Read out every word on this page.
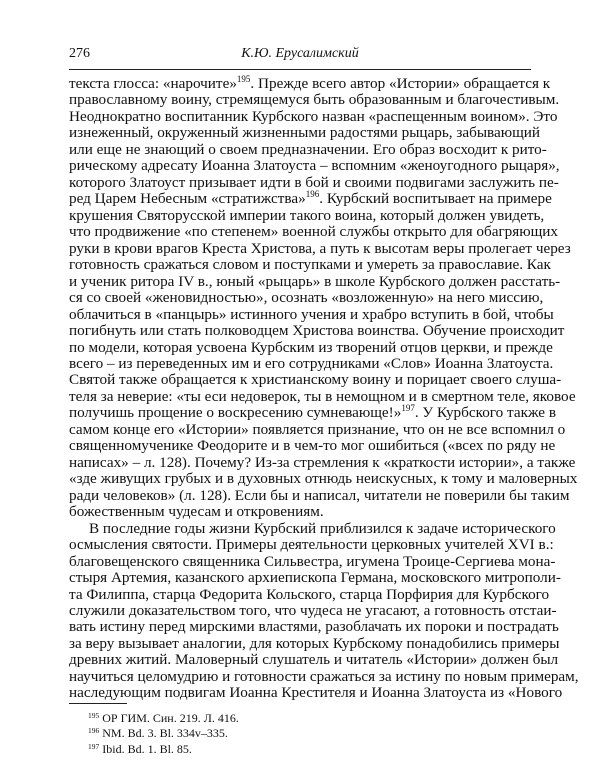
276	К.Ю. Ерусалимский
текста глосса: «нарочите»$^{195}$. Прежде всего автор «Истории» обращается к
православному воину, стремящемуся быть образованным и благочестивым.
Неоднократно воспитанник Курбского назван «распещенным воином». Это
изнеженный, окруженный жизненными радостями рыцарь, забывающий
или еще не знающий о своем предназначении. Его образ восходит к рито-
рическому адресату Иоанна Златоуста – вспомним «женоугодного рыцаря»,
которого Златоуст призывает идти в бой и своими подвигами заслужить пе-
ред Царем Небесным «стратижства»$^{196}$. Курбский воспитывает на примере
крушения Святорусской империи такого воина, который должен увидеть,
что продвижение «по степенем» военной службы открыто для обагряющих
руки в крови врагов Креста Христова, а путь к высотам веры пролегает через
готовность сражаться словом и поступками и умереть за православие. Как
и ученик ритора IV в., юный «рыцарь» в школе Курбского должен расстать-
ся со своей «женовидностью», осознать «возложенную» на него миссию,
облачиться в «панцырь» истинного учения и храбро вступить в бой, чтобы
погибнуть или стать полководцем Христова воинства. Обучение происходит
по модели, которая усвоена Курбским из творений отцов церкви, и прежде
всего – из переведенных им и его сотрудниками «Слов» Иоанна Златоуста.
Святой также обращается к христианскому воину и порицает своего слуша-
теля за неверие: «ты еси недоверок, ты в немощном и в смертном теле, яковое
получишь прощение о воскресению сумневающе!»$^{197}$. У Курбского также в
самом конце его «Истории» появляется признание, что он не все вспомнил о
священномученике Феодорите и в чем-то мог ошибиться («всех по ряду не
написах» – л. 128). Почему? Из-за стремления к «краткости истории», а также
«зде живущих грубых и в духовных отнюдь неискусных, к тому и маловерных
ради человеков» (л. 128). Если бы и написал, читатели не поверили бы таким
божественным чудесам и откровениям.
В последние годы жизни Курбский приблизился к задаче исторического
осмысления святости. Примеры деятельности церковных учителей XVI в.:
благовещенского священника Сильвестра, игумена Троице-Сергиева мона-
стыря Артемия, казанского архиепископа Германа, московского митрополи-
та Филиппа, старца Федорита Кольского, старца Порфирия для Курбского
служили доказательством того, что чудеса не угасают, а готовность отстаи-
вать истину перед мирскими властями, разоблачать их пороки и пострадать
за веру вызывает аналогии, для которых Курбскому понадобились примеры
древних житий. Маловерный слушатель и читатель «Истории» должен был
научиться целомудрию и готовности сражаться за истину по новым примерам,
наследующим подвигам Иоанна Крестителя и Иоанна Златоуста из «Нового
$^{195}$ ОР ГИМ. Син. 219. Л. 416.
$^{196}$ NM. Bd. 3. Bl. 334v–335.
$^{197}$ Ibid. Bd. 1. Bl. 85.
